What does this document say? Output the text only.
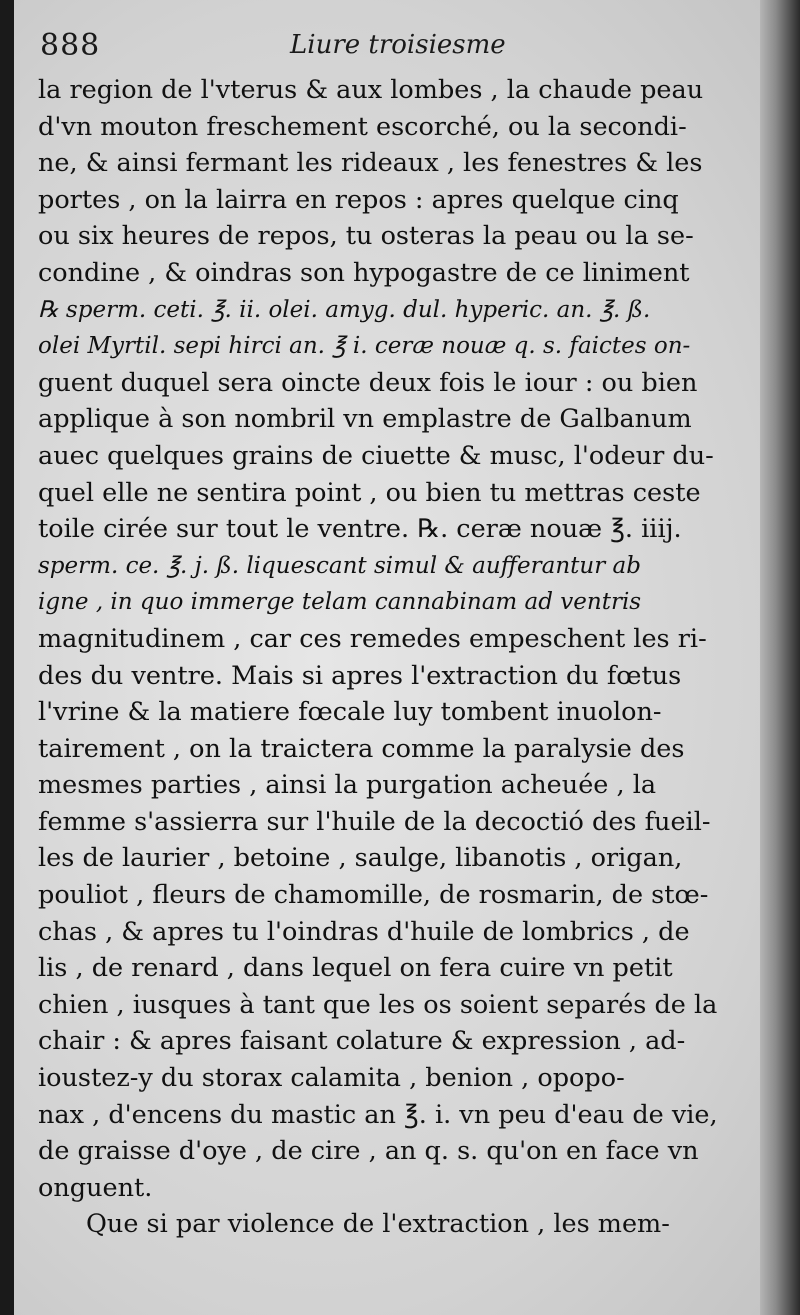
888	Liure troisiesme
la region de l'vterus & aux lombes , la chaude peau
d'vn mouton freschement escorché, ou la secondi-
ne, & ainsi fermant les rideaux , les fenestres & les
portes , on la lairra en repos : apres quelque cinq
ou six heures de repos, tu osteras la peau ou la se-
condine , & oindras son hypogastre de ce liniment
℞ sperm. ceti. ℥. ii. olei. amyg. dul. hyperic. an. ℥. ß.
olei Myrtil. sepi hirci an. ℥ i. ceræ nouæ q. s. faictes on-
guent duquel sera oincte deux fois le iour : ou bien
applique à son nombril vn emplastre de Galbanum
auec quelques grains de ciuette & musc, l'odeur du-
quel elle ne sentira point , ou bien tu mettras ceste
toile cirée sur tout le ventre. ℞. ceræ nouæ ℥. iiij.
sperm. ce. ℥. j. ß. liquescant simul & aufferantur ab
igne , in quo immerge telam cannabinam ad ventris
magnitudinem , car ces remedes empeschent les ri-
des du ventre. Mais si apres l'extraction du fœtus
l'vrine & la matiere fœcale luy tombent inuolon-
tairement , on la traictera comme la paralysie des
mesmes parties , ainsi la purgation acheuée , la
femme s'assierra sur l'huile de la decoctió des fueil-
les de laurier , betoine , saulge, libanotis , origan,
pouliot , fleurs de chamomille, de rosmarin, de stœ-
chas , & apres tu l'oindras d'huile de lombrics , de
lis , de renard , dans lequel on fera cuire vn petit
chien , iusques à tant que les os soient separés de la
chair : & apres faisant colature & expression , ad-
ioustez-y du storax calamita , benion , opopo-
nax , d'encens du mastic an ℥. i. vn peu d'eau de vie,
de graisse d'oye , de cire , an q. s. qu'on en face vn
onguent.
Que si par violence de l'extraction , les mem-
